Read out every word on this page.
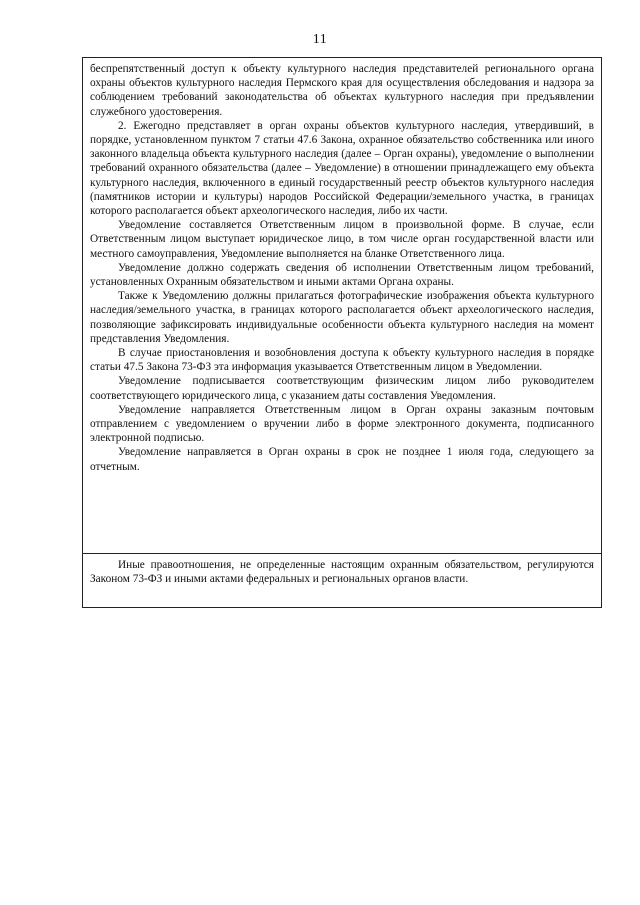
11

беспрепятственный доступ к объекту культурного наследия представителей регионального органа охраны объектов культурного наследия Пермского края для осуществления обследования и надзора за соблюдением требований законодательства об объектах культурного наследия при предъявлении служебного удостоверения.

2. Ежегодно представляет в орган охраны объектов культурного наследия, утвердивший, в порядке, установленном пунктом 7 статьи 47.6 Закона, охранное обязательство собственника или иного законного владельца объекта культурного наследия (далее – Орган охраны), уведомление о выполнении требований охранного обязательства (далее – Уведомление) в отношении принадлежащего ему объекта культурного наследия, включенного в единый государственный реестр объектов культурного наследия (памятников истории и культуры) народов Российской Федерации/земельного участка, в границах которого располагается объект археологического наследия, либо их части.

Уведомление составляется Ответственным лицом в произвольной форме. В случае, если Ответственным лицом выступает юридическое лицо, в том числе орган государственной власти или местного самоуправления, Уведомление выполняется на бланке Ответственного лица.

Уведомление должно содержать сведения об исполнении Ответственным лицом требований, установленных Охранным обязательством и иными актами Органа охраны.

Также к Уведомлению должны прилагаться фотографические изображения объекта культурного наследия/земельного участка, в границах которого располагается объект археологического наследия, позволяющие зафиксировать индивидуальные особенности объекта культурного наследия на момент представления Уведомления.

В случае приостановления и возобновления доступа к объекту культурного наследия в порядке статьи 47.5 Закона 73-ФЗ эта информация указывается Ответственным лицом в Уведомлении.

Уведомление подписывается соответствующим физическим лицом либо руководителем соответствующего юридического лица, с указанием даты составления Уведомления.

Уведомление направляется Ответственным лицом в Орган охраны заказным почтовым отправлением с уведомлением о вручении либо в форме электронного документа, подписанного электронной подписью.

Уведомление направляется в Орган охраны в срок не позднее 1 июля года, следующего за отчетным.

Иные правоотношения, не определенные настоящим охранным обязательством, регулируются Законом 73-ФЗ и иными актами федеральных и региональных органов власти.
